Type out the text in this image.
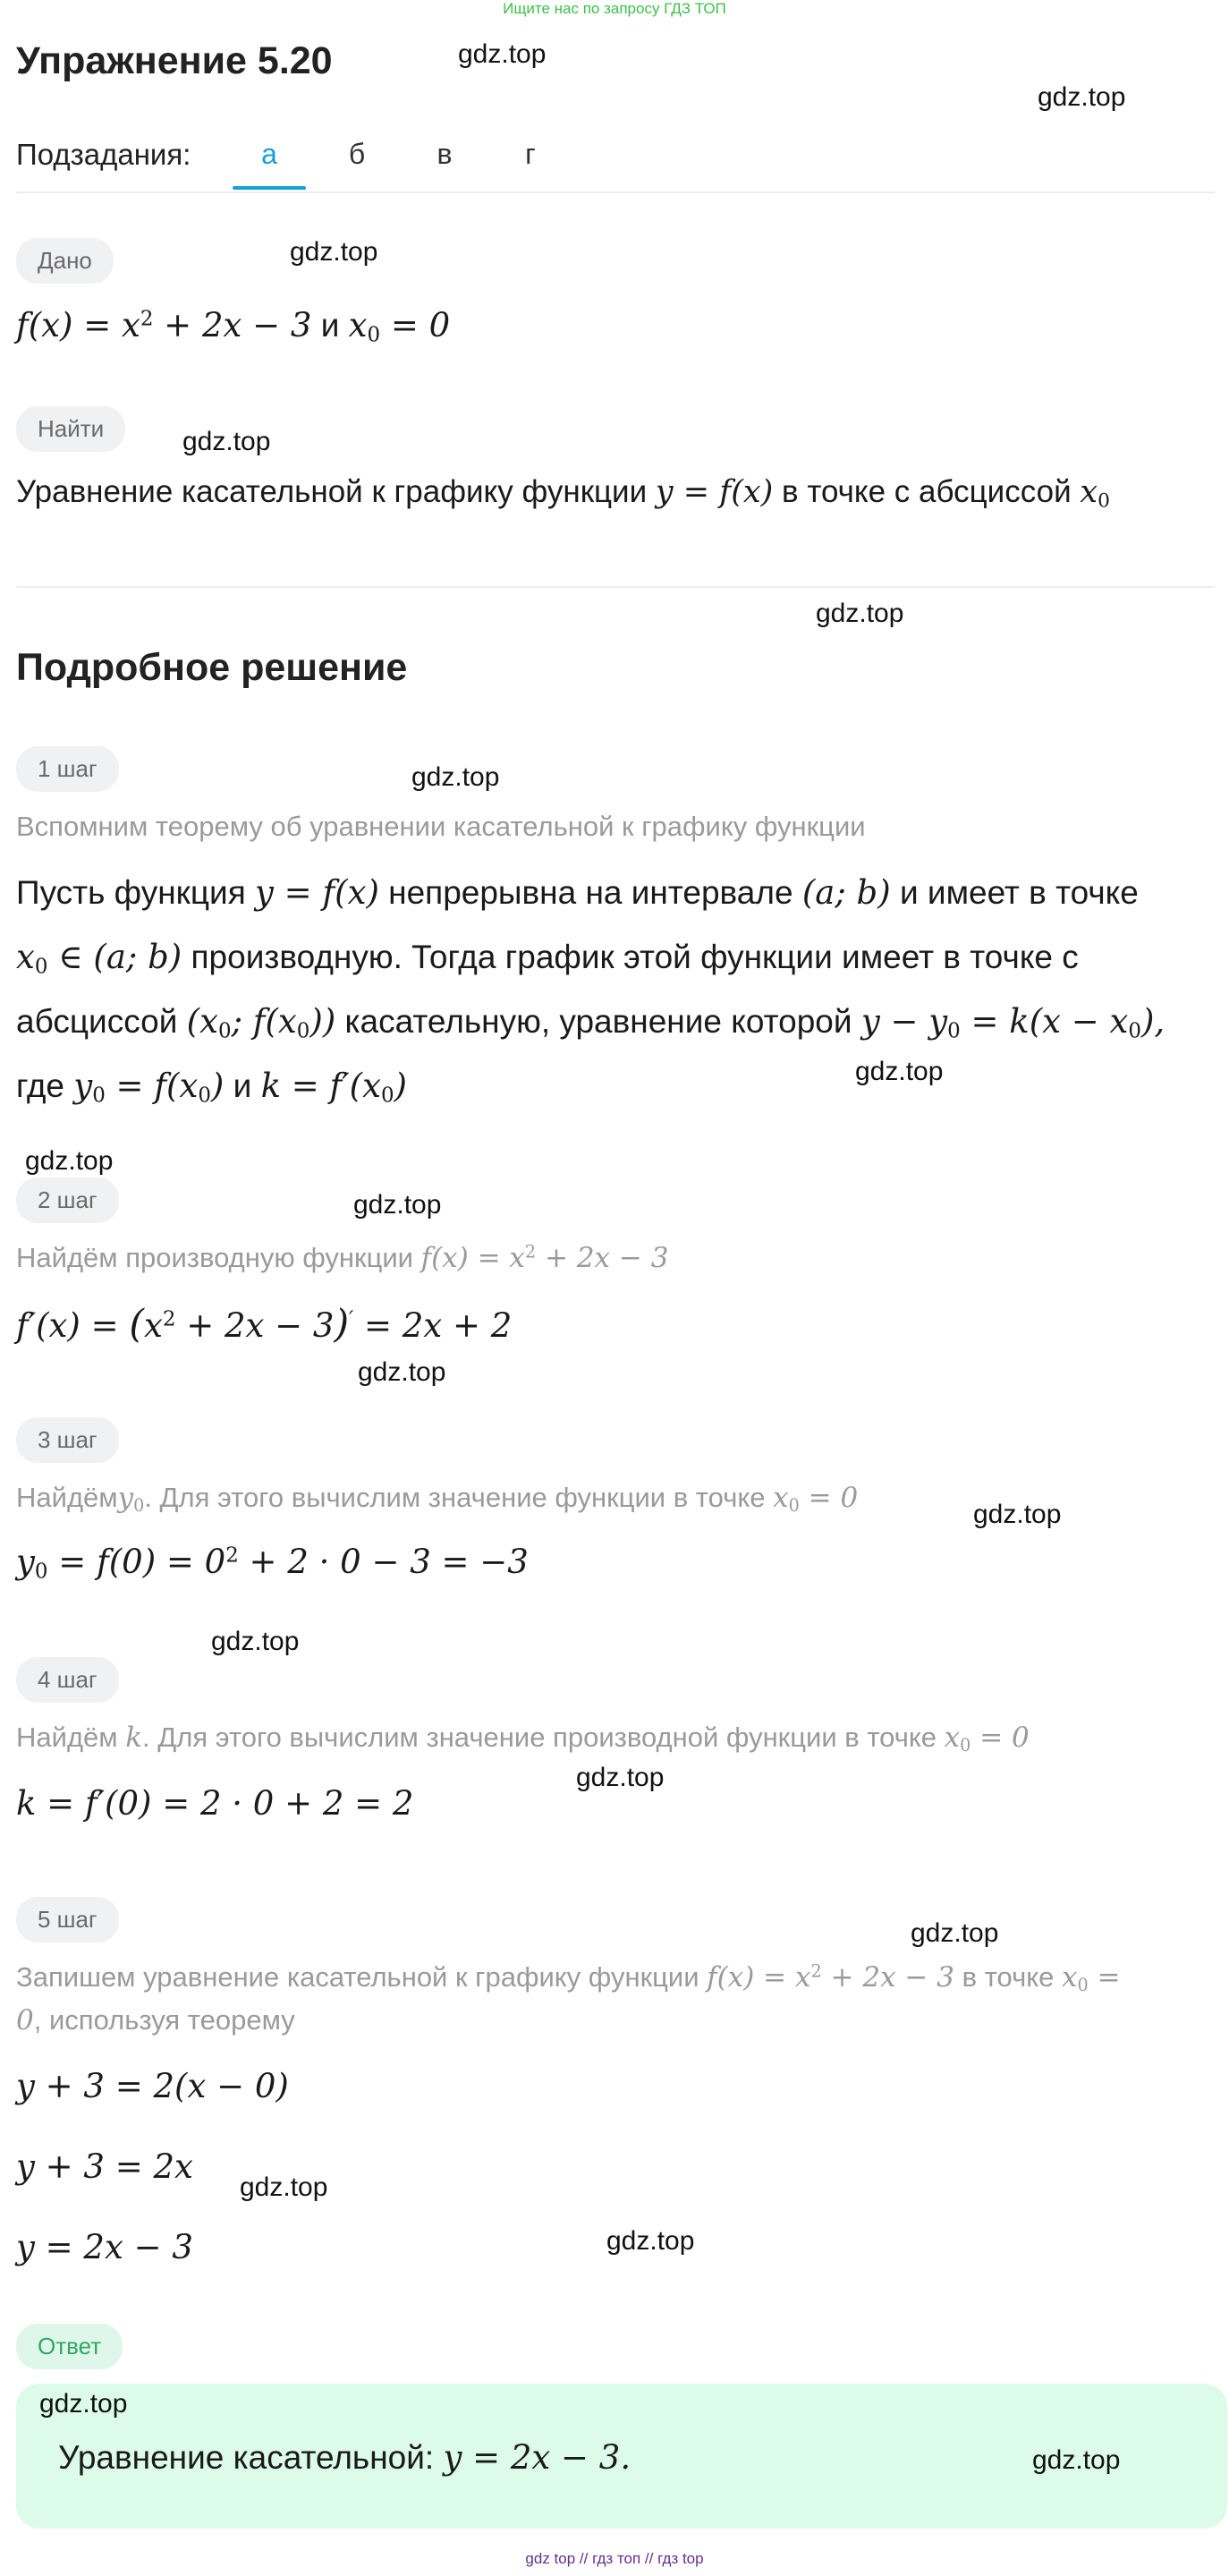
Ищите нас по запросу ГДЗ ТОП
Упражнение 5.20
Подзадания:	а	б	в	г
Дано
$f(x) = x^2 + 2x - 3$ и $x_0 = 0$
Найти
Уравнение касательной к графику функции y = f(x) в точке с абсциссой $x_0$
Подробное решение
1 шаг
Вспомним теорему об уравнении касательной к графику функции
Пусть функция y = f(x) непрерывна на интервале (a; b) и имеет в точке
$x_0$ ∈ (a; b) производную. Тогда график этой функции имеет в точке с
абсциссой ($x_0$; $f(x_0)$) касательную, уравнение которой $y - y_0 = k(x - x_0)$,
где $y_0 = f(x_0)$ и $k = f'(x_0)$
2 шаг
Найдём производную функции $f(x) = x^2 + 2x - 3$
$f'(x) = (x^2 + 2x - 3)' = 2x + 2$
3 шаг
Найдёмy$_0$. Для этого вычислим значение функции в точке $x_0 = 0$
$y_0 = f(0) = 0^2 + 2 \cdot 0 - 3 = -3$
4 шаг
Найдём k. Для этого вычислим значение производной функции в точке $x_0 = 0$
k = f′(0) = 2 · 0 + 2 = 2
5 шаг
Запишем уравнение касательной к графику функции $f(x) = x^2 + 2x - 3$ в точке $x_0$ =
0, используя теорему
y + 3 = 2(x − 0)
y + 3 = 2x
y = 2x − 3
Ответ
Уравнение касательной: y = 2x − 3.
gdz.top
gdz.top
gdz.top
gdz.top
gdz.top
gdz.top
gdz.top
gdz.top
gdz.top
gdz.top
gdz.top
gdz.top
gdz.top
gdz.top
gdz.top
gdz.top
gdz.top
gdz.top
gdz top // гдз топ // гдз top
